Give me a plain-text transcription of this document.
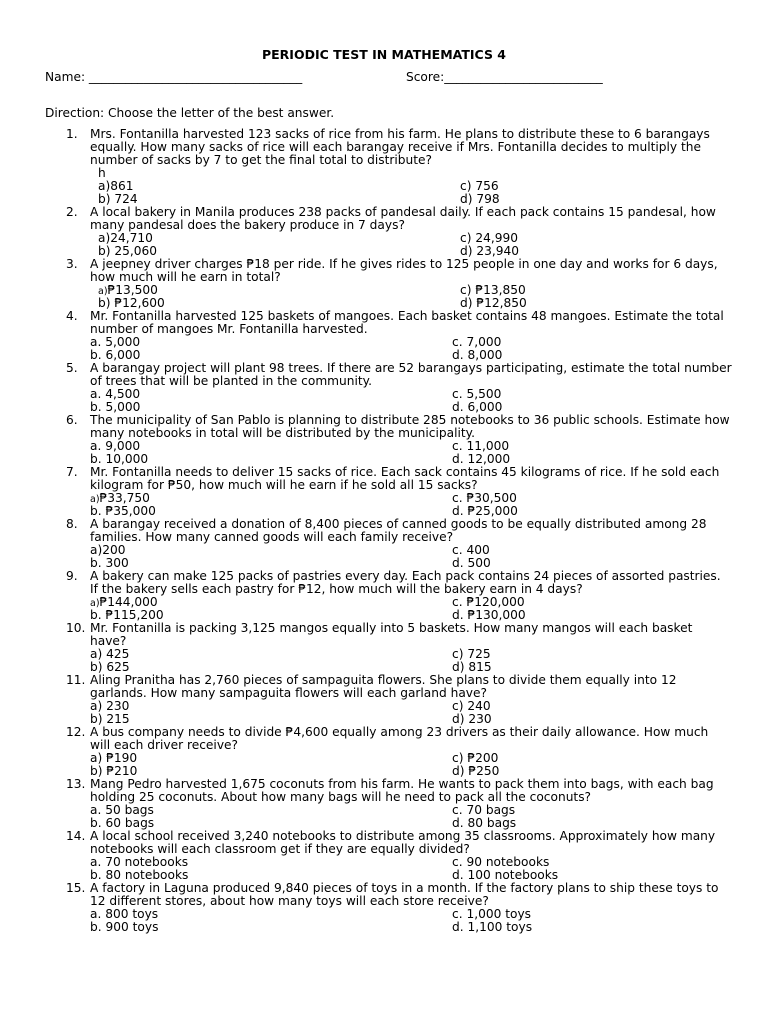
PERIODIC TEST IN MATHEMATICS 4
Name: ___________________________________	Score:__________________________
Direction: Choose the letter of the best answer.
1. Mrs. Fontanilla harvested 123 sacks of rice from his farm. He plans to distribute these to 6 barangays equally. How many sacks of rice will each barangay receive if Mrs. Fontanilla decides to multiply the number of sacks by 7 to get the final total to distribute?
h
a)861
b) 724
c) 756
d) 798
2. A local bakery in Manila produces 238 packs of pandesal daily. If each pack contains 15 pandesal, how many pandesal does the bakery produce in 7 days?
a)24,710
b) 25,060
c) 24,990
d) 23,940
3. A jeepney driver charges ₱18 per ride. If he gives rides to 125 people in one day and works for 6 days, how much will he earn in total?
a)₱13,500
b) ₱12,600
c) ₱13,850
d) ₱12,850
4. Mr. Fontanilla harvested 125 baskets of mangoes. Each basket contains 48 mangoes. Estimate the total number of mangoes Mr. Fontanilla harvested.
a. 5,000
b. 6,000
c. 7,000
d. 8,000
5. A barangay project will plant 98 trees. If there are 52 barangays participating, estimate the total number of trees that will be planted in the community.
a. 4,500
b. 5,000
c. 5,500
d. 6,000
6. The municipality of San Pablo is planning to distribute 285 notebooks to 36 public schools. Estimate how many notebooks in total will be distributed by the municipality.
a. 9,000
b. 10,000
c. 11,000
d. 12,000
7. Mr. Fontanilla needs to deliver 15 sacks of rice. Each sack contains 45 kilograms of rice. If he sold each kilogram for ₱50, how much will he earn if he sold all 15 sacks?
a)₱33,750
b. ₱35,000
c. ₱30,500
d. ₱25,000
8. A barangay received a donation of 8,400 pieces of canned goods to be equally distributed among 28 families. How many canned goods will each family receive?
a)200
b. 300
c. 400
d. 500
9. A bakery can make 125 packs of pastries every day. Each pack contains 24 pieces of assorted pastries. If the bakery sells each pastry for ₱12, how much will the bakery earn in 4 days?
a)₱144,000
b. ₱115,200
c. ₱120,000
d. ₱130,000
10. Mr. Fontanilla is packing 3,125 mangos equally into 5 baskets. How many mangos will each basket have?
a) 425
b) 625
c) 725
d) 815
11. Aling Pranitha has 2,760 pieces of sampaguita flowers. She plans to divide them equally into 12 garlands. How many sampaguita flowers will each garland have?
a) 230
b) 215
c) 240
d) 230
12. A bus company needs to divide ₱4,600 equally among 23 drivers as their daily allowance. How much will each driver receive?
a) ₱190
b) ₱210
c) ₱200
d) ₱250
13. Mang Pedro harvested 1,675 coconuts from his farm. He wants to pack them into bags, with each bag holding 25 coconuts. About how many bags will he need to pack all the coconuts?
a. 50 bags
b. 60 bags
c. 70 bags
d. 80 bags
14. A local school received 3,240 notebooks to distribute among 35 classrooms. Approximately how many notebooks will each classroom get if they are equally divided?
a. 70 notebooks
b. 80 notebooks
c. 90 notebooks
d. 100 notebooks
15. A factory in Laguna produced 9,840 pieces of toys in a month. If the factory plans to ship these toys to 12 different stores, about how many toys will each store receive?
a. 800 toys
b. 900 toys
c. 1,000 toys
d. 1,100 toys
